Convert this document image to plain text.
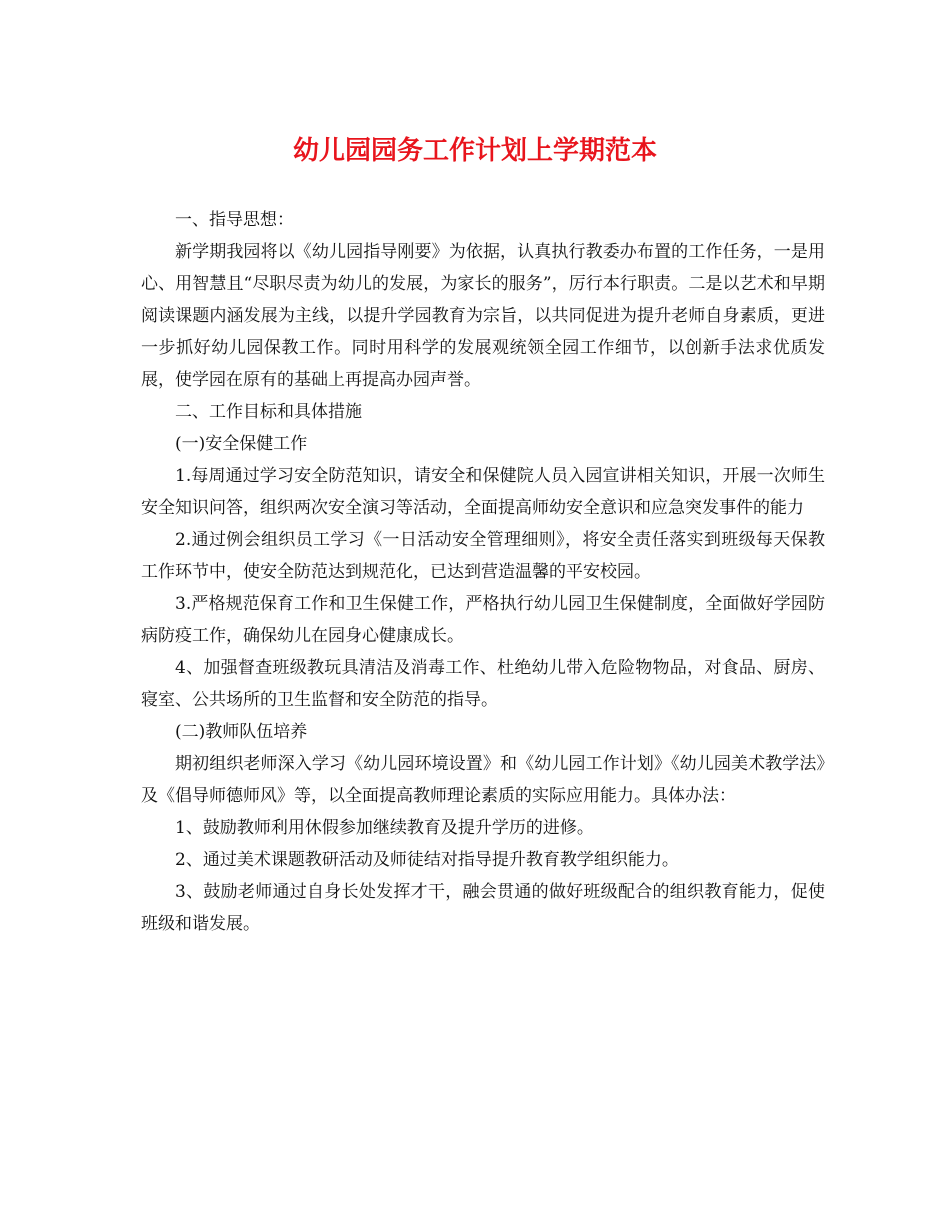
幼儿园园务工作计划上学期范本

一、指导思想：

新学期我园将以《幼儿园指导刚要》为依据，认真执行教委办布置的工作任务，一是用心、用智慧且“尽职尽责为幼儿的发展，为家长的服务”，厉行本行职责。二是以艺术和早期阅读课题内涵发展为主线，以提升学园教育为宗旨，以共同促进为提升老师自身素质，更进一步抓好幼儿园保教工作。同时用科学的发展观统领全园工作细节，以创新手法求优质发展，使学园在原有的基础上再提高办园声誉。

二、工作目标和具体措施

(一)安全保健工作

1.每周通过学习安全防范知识，请安全和保健院人员入园宣讲相关知识，开展一次师生安全知识问答，组织两次安全演习等活动，全面提高师幼安全意识和应急突发事件的能力

2.通过例会组织员工学习《一日活动安全管理细则》，将安全责任落实到班级每天保教工作环节中，使安全防范达到规范化，已达到营造温馨的平安校园。

3.严格规范保育工作和卫生保健工作，严格执行幼儿园卫生保健制度，全面做好学园防病防疫工作，确保幼儿在园身心健康成长。

4、加强督查班级教玩具清洁及消毒工作、杜绝幼儿带入危险物物品，对食品、厨房、寝室、公共场所的卫生监督和安全防范的指导。

(二)教师队伍培养

期初组织老师深入学习《幼儿园环境设置》和《幼儿园工作计划》《幼儿园美术教学法》及《倡导师德师风》等，以全面提高教师理论素质的实际应用能力。具体办法：

1、鼓励教师利用休假参加继续教育及提升学历的进修。

2、通过美术课题教研活动及师徒结对指导提升教育教学组织能力。

3、鼓励老师通过自身长处发挥才干，融会贯通的做好班级配合的组织教育能力，促使班级和谐发展。
